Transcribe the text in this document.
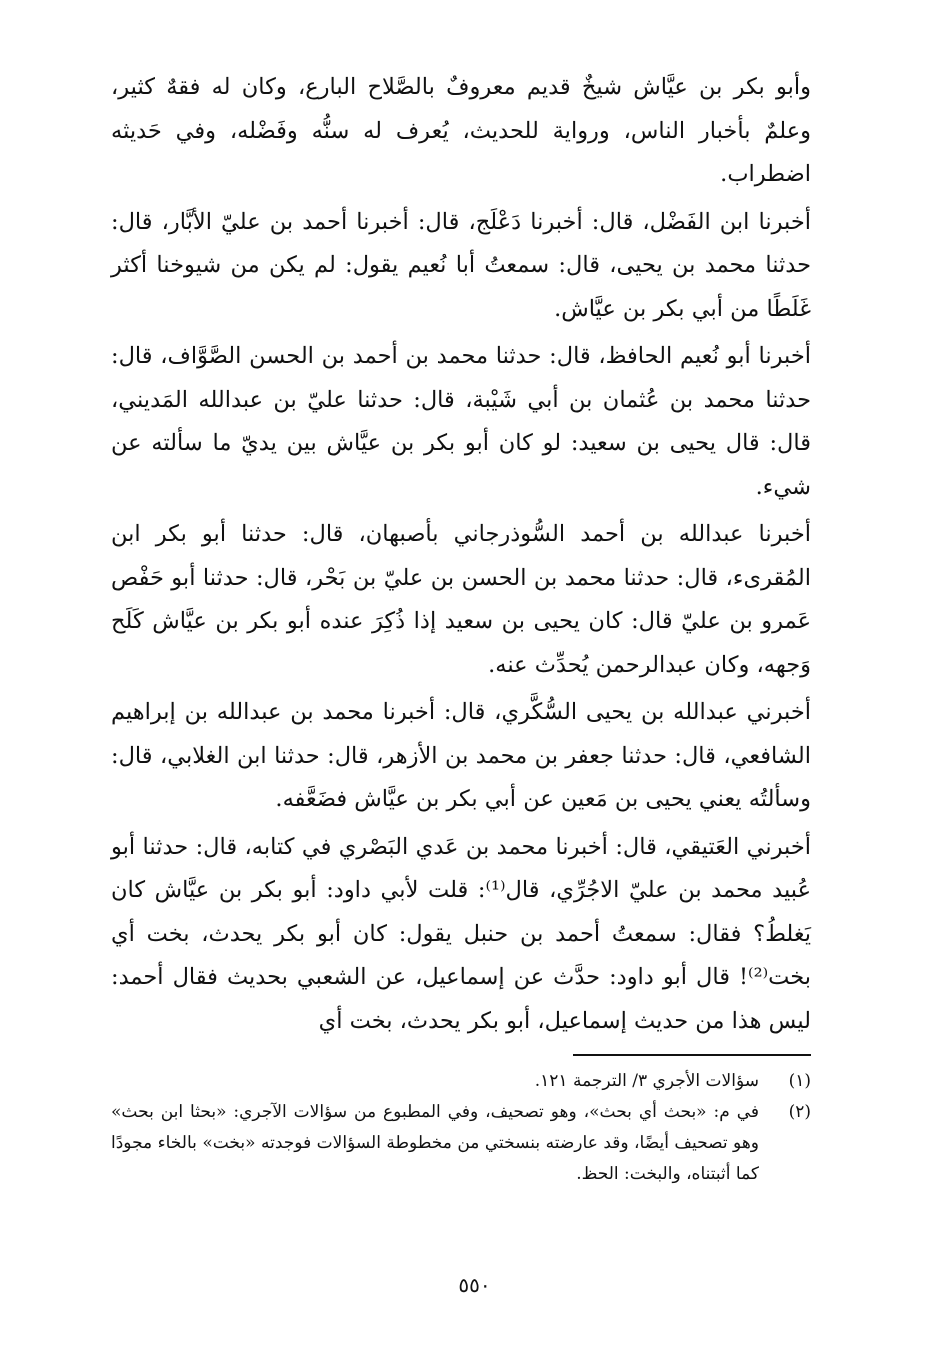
وأبو بكر بن عيَّاش شيخٌ قديم معروفٌ بالصَّلاح البارع، وكان له فقهٌ كثير، وعلمٌ بأخبار الناس، ورواية للحديث، يُعرف له سنُّه وفَضْله، وفي حَديثه اضطراب.

أخبرنا ابن الفَضْل، قال: أخبرنا دَعْلَج، قال: أخبرنا أحمد بن عليّ الأبَّار، قال: حدثنا محمد بن يحيى، قال: سمعتُ أبا نُعيم يقول: لم يكن من شيوخنا أكثر غَلَطًا من أبي بكر بن عيَّاش.

أخبرنا أبو نُعيم الحافظ، قال: حدثنا محمد بن أحمد بن الحسن الصَّوَّاف، قال: حدثنا محمد بن عُثمان بن أبي شَيْبة، قال: حدثنا عليّ بن عبدالله المَديني، قال: قال يحيى بن سعيد: لو كان أبو بكر بن عيَّاش بين يديّ ما سألته عن شيء.

أخبرنا عبدالله بن أحمد السُّوذرجاني بأصبهان، قال: حدثنا أبو بكر ابن المُقرىء، قال: حدثنا محمد بن الحسن بن عليّ بن بَحْر، قال: حدثنا أبو حَفْص عَمرو بن عليّ قال: كان يحيى بن سعيد إذا ذُكِرَ عنده أبو بكر بن عيَّاش كَلَح وَجهه، وكان عبدالرحمن يُحدِّث عنه.

أخبرني عبدالله بن يحيى السُّكَّري، قال: أخبرنا محمد بن عبدالله بن إبراهيم الشافعي، قال: حدثنا جعفر بن محمد بن الأزهر، قال: حدثنا ابن الغلابي، قال: وسألتُه يعني يحيى بن مَعين عن أبي بكر بن عيَّاش فضَعَّفه.

أخبرني العَتيقي، قال: أخبرنا محمد بن عَدي البَصْري في كتابه، قال: حدثنا أبو عُبيد محمد بن عليّ الاجُرِّي، قال⁽¹⁾: قلت لأبي داود: أبو بكر بن عيَّاش كان يَغلطُ؟ فقال: سمعتُ أحمد بن حنبل يقول: كان أبو بكر يحدث، بخت أي بخت⁽²⁾! قال أبو داود: حدَّث عن إسماعيل، عن الشعبي بحديث فقال أحمد: ليس هذا من حديث إسماعيل، أبو بكر يحدث، بخت أي

(١)
سؤالات الأجري ٣/ الترجمة ١٢١.
(٢)
في م: «بحث أي بحث»، وهو تصحيف، وفي المطبوع من سؤالات الآجري: «بحثا ابن بحث» وهو تصحيف أيضًا، وقد عارضته بنسختي من مخطوطة السؤالات فوجدته «بخت» بالخاء مجودًا كما أثبتناه، والبخت: الحظ.
٥٥٠
